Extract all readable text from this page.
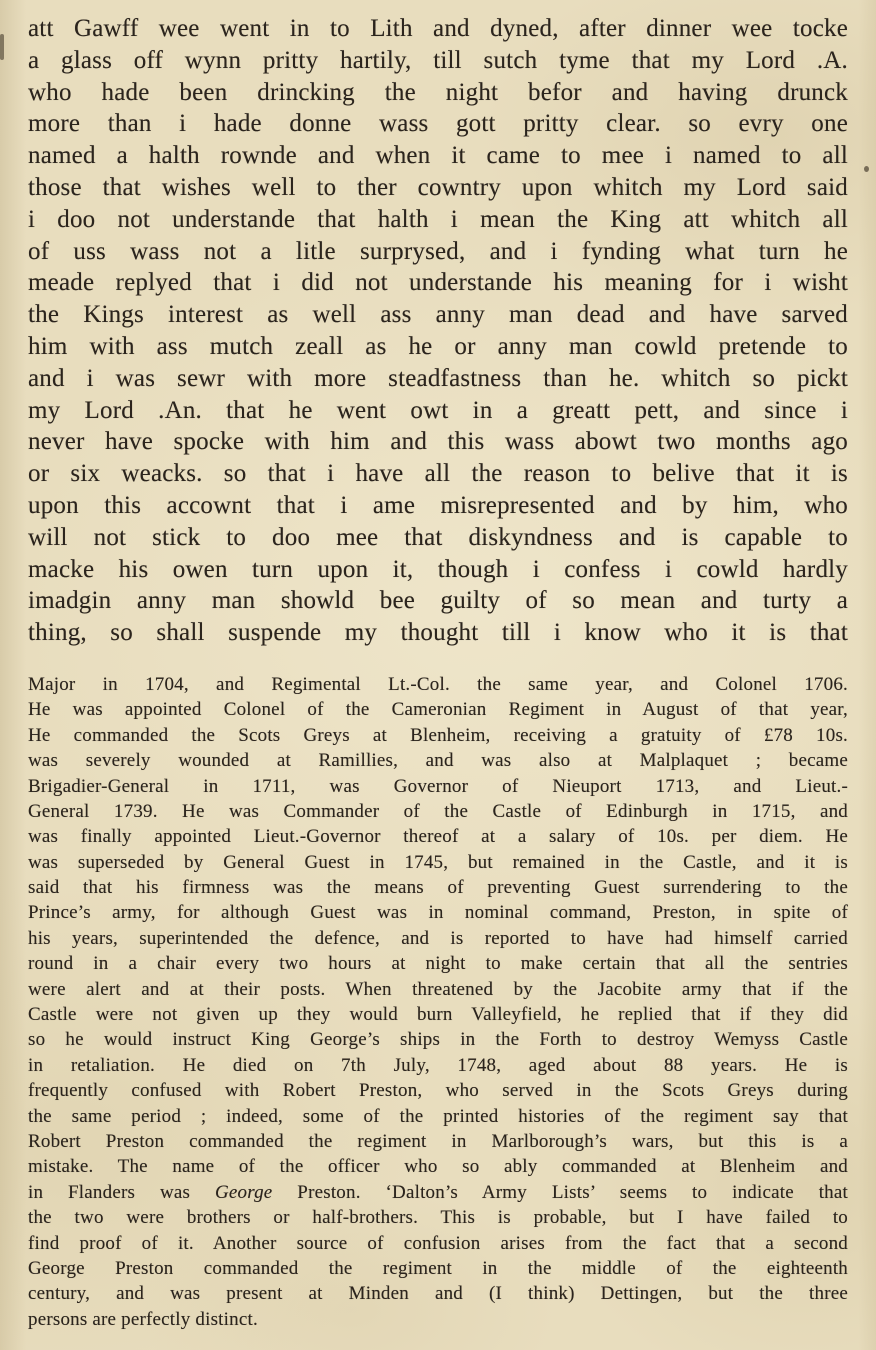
att Gawff wee went in to Lith and dyned, after dinner wee tocke
a glass off wynn pritty hartily, till sutch tyme that my Lord .A.
who hade been drincking the night befor and having drunck
more than i hade donne wass gott pritty clear. so evry one
named a halth rownde and when it came to mee i named to all
those that wishes well to ther cowntry upon whitch my Lord said
i doo not understande that halth i mean the King att whitch all
of uss wass not a litle surprysed, and i fynding what turn he
meade replyed that i did not understande his meaning for i wisht
the Kings interest as well ass anny man dead and have sarved
him with ass mutch zeall as he or anny man cowld pretende to
and i was sewr with more steadfastness than he. whitch so pickt
my Lord .An. that he went owt in a greatt pett, and since i
never have spocke with him and this wass abowt two months ago
or six weacks. so that i have all the reason to belive that it is
upon this accownt that i ame misrepresented and by him, who
will not stick to doo mee that diskyndness and is capable to
macke his owen turn upon it, though i confess i cowld hardly
imadgin anny man showld bee guilty of so mean and turty a
thing, so shall suspende my thought till i know who it is that
Major in 1704, and Regimental Lt.-Col. the same year, and Colonel 1706.
He was appointed Colonel of the Cameronian Regiment in August of that year,
He commanded the Scots Greys at Blenheim, receiving a gratuity of £78 10s.
was severely wounded at Ramillies, and was also at Malplaquet ; became
Brigadier-General in 1711, was Governor of Nieuport 1713, and Lieut.-
General 1739. He was Commander of the Castle of Edinburgh in 1715, and
was finally appointed Lieut.-Governor thereof at a salary of 10s. per diem. He
was superseded by General Guest in 1745, but remained in the Castle, and it is
said that his firmness was the means of preventing Guest surrendering to the
Prince’s army, for although Guest was in nominal command, Preston, in spite of
his years, superintended the defence, and is reported to have had himself carried
round in a chair every two hours at night to make certain that all the sentries
were alert and at their posts. When threatened by the Jacobite army that if the
Castle were not given up they would burn Valleyfield, he replied that if they did
so he would instruct King George’s ships in the Forth to destroy Wemyss Castle
in retaliation. He died on 7th July, 1748, aged about 88 years. He is
frequently confused with Robert Preston, who served in the Scots Greys during
the same period ; indeed, some of the printed histories of the regiment say that
Robert Preston commanded the regiment in Marlborough’s wars, but this is a
mistake. The name of the officer who so ably commanded at Blenheim and
in Flanders was George Preston. ‘Dalton’s Army Lists’ seems to indicate that
the two were brothers or half-brothers. This is probable, but I have failed to
find proof of it. Another source of confusion arises from the fact that a second
George Preston commanded the regiment in the middle of the eighteenth
century, and was present at Minden and (I think) Dettingen, but the three
persons are perfectly distinct.
